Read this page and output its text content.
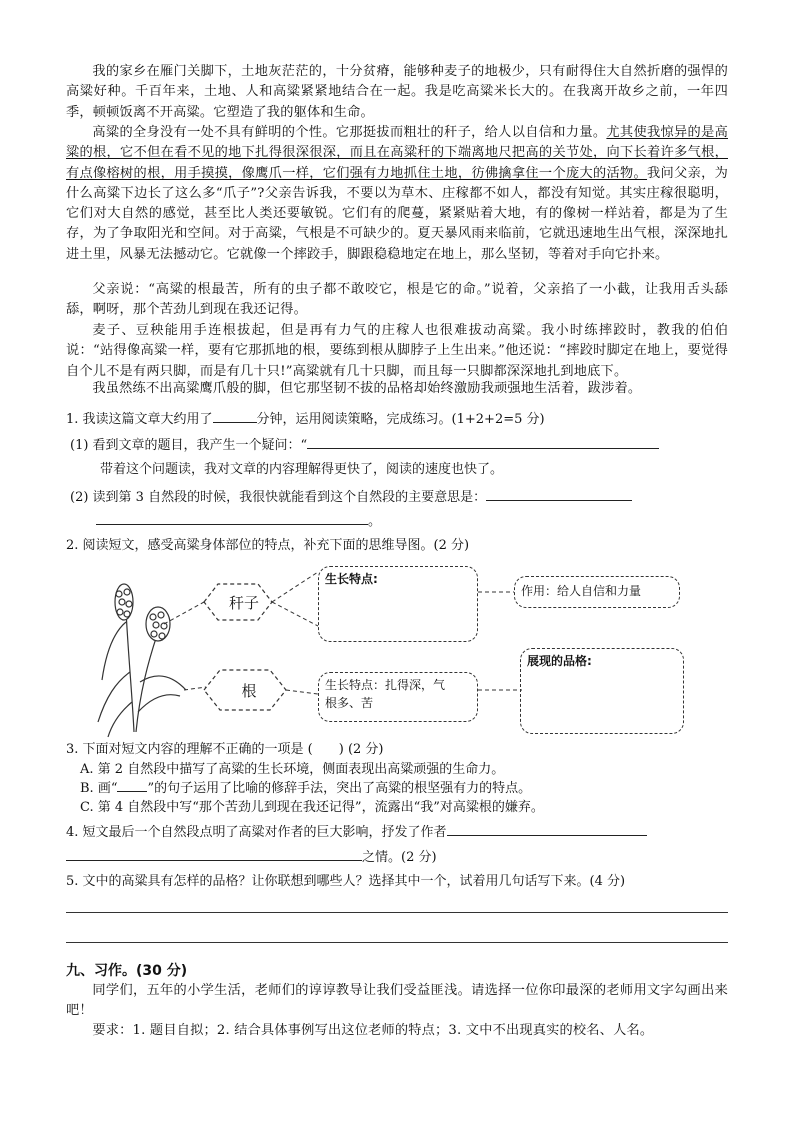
我的家乡在雁门关脚下，土地灰茫茫的，十分贫瘠，能够种麦子的地极少，只有耐得住大自然折磨的强悍的高粱好种。千百年来，土地、人和高粱紧紧地结合在一起。我是吃高粱米长大的。在我离开故乡之前，一年四季，顿顿饭离不开高粱。它塑造了我的躯体和生命。

高粱的全身没有一处不具有鲜明的个性。它那挺拔而粗壮的秆子，给人以自信和力量。尤其使我惊异的是高粱的根，它不但在看不见的地下扎得很深很深，而且在高粱秆的下端离地尺把高的关节处，向下长着许多气根，有点像榕树的根，用手摸摸，像鹰爪一样，它们强有力地抓住土地，彷佛擒拿住一个庞大的活物。我问父亲，为什么高粱下边长了这么多“爪子”?父亲告诉我，不要以为草木、庄稼都不如人，都没有知觉。其实庄稼很聪明，它们对大自然的感觉，甚至比人类还要敏锐。它们有的爬蔓，紧紧贴着大地，有的像树一样站着，都是为了生存，为了争取阳光和空间。对于高粱，气根是不可缺少的。夏天暴风雨来临前，它就迅速地生出气根，深深地扎进土里，风暴无法撼动它。它就像一个摔跤手，脚跟稳稳地定在地上，那么坚韧，等着对手向它扑来。

父亲说：“高粱的根最苦，所有的虫子都不敢咬它，根是它的命。”说着，父亲掐了一小截，让我用舌头舔舔，啊呀，那个苦劲儿到现在我还记得。

麦子、豆秧能用手连根拔起，但是再有力气的庄稼人也很难拔动高粱。我小时练摔跤时，教我的伯伯说：“站得像高粱一样，要有它那抓地的根，要练到根从脚脖子上生出来。”他还说：“摔跤时脚定在地上，要觉得自个儿不是有两只脚，而是有几十只!”高粱就有几十只脚，而且每一只脚都深深地扎到地底下。

我虽然练不出高粱鹰爪般的脚，但它那坚韧不拔的品格却始终激励我顽强地生活着，跋涉着。

1. 我读这篇文章大约用了	分钟，运用阅读策略，完成练习。(1+2+2=5 分)
(1) 看到文章的题目，我产生一个疑问：“
带着这个问题读，我对文章的内容理解得更快了，阅读的速度也快了。
(2) 读到第 3 自然段的时候，我很快就能看到这个自然段的主要意思是：
。
2. 阅读短文，感受高粱身体部位的特点，补充下面的思维导图。(2 分)
秆子
根
生长特点:
作用：给人自信和力量
生长特点：扎得深，气
根多、苦
展现的品格:
3. 下面对短文内容的理解不正确的一项是 (　　) (2 分)
A. 第 2 自然段中描写了高粱的生长环境，侧面表现出高粱顽强的生命力。
B. 画“ ”的句子运用了比喻的修辞手法，突出了高粱的根坚强有力的特点。
C. 第 4 自然段中写“那个苦劲儿到现在我还记得”，流露出“我”对高粱根的嫌弃。
4. 短文最后一个自然段点明了高粱对作者的巨大影响，抒发了作者
之情。(2 分)
5. 文中的高粱具有怎样的品格？让你联想到哪些人？选择其中一个，试着用几句话写下来。(4 分)
九、习作。(30 分)

同学们，五年的小学生活，老师们的谆谆教导让我们受益匪浅。请选择一位你印最深的老师用文字勾画出来吧！

要求：1. 题目自拟；2. 结合具体事例写出这位老师的特点；3. 文中不出现真实的校名、人名。
